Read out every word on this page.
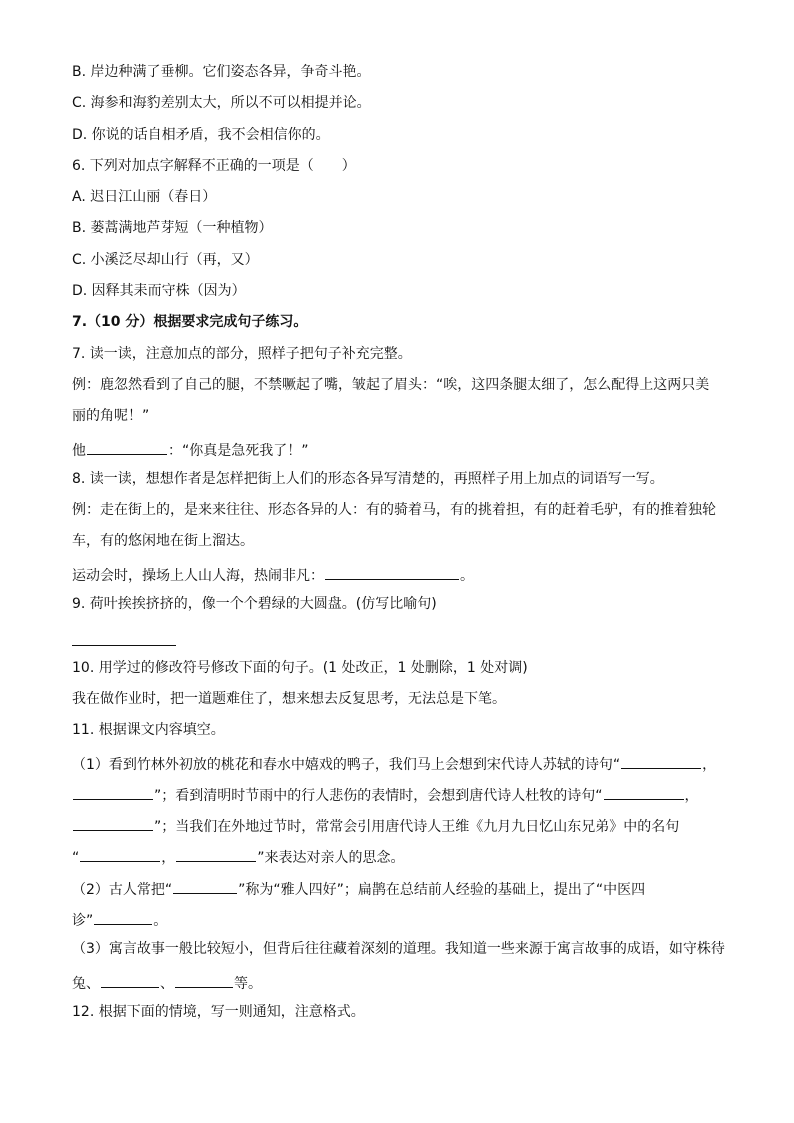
B. 岸边种满了垂柳。它们姿态各异，争奇斗艳。
C. 海参和海豹差别太大，所以不可以相提并论。
D. 你说的话自相矛盾，我不会相信你的。
6. 下列对加点字解释不正确的一项是（　　）
A. 迟日江山丽（春日）
B. 蒌蒿满地芦芽短（一种植物）
C. 小溪泛尽却山行（再，又）
D. 因释其耒而守株（因为）
7.（10 分）根据要求完成句子练习。
7. 读一读，注意加点的部分，照样子把句子补充完整。
例：鹿忽然看到了自己的腿，不禁噘起了嘴，皱起了眉头：“唉，这四条腿太细了，怎么配得上这两只美
丽的角呢！”
他	：“你真是急死我了！”
8. 读一读，想想作者是怎样把街上人们的形态各异写清楚的，再照样子用上加点的词语写一写。
例：走在街上的，是来来往往、形态各异的人：有的骑着马，有的挑着担，有的赶着毛驴，有的推着独轮
车，有的悠闲地在街上溜达。
运动会时，操场上人山人海，热闹非凡：	。
9. 荷叶挨挨挤挤的，像一个个碧绿的大圆盘。(仿写比喻句)
10. 用学过的修改符号修改下面的句子。(1 处改正，1 处删除，1 处对调)
我在做作业时，把一道题难住了，想来想去反复思考，无法总是下笔。
11. 根据课文内容填空。
（1）看到竹林外初放的桃花和春水中嬉戏的鸭子，我们马上会想到宋代诗人苏轼的诗句“	，
”；看到清明时节雨中的行人悲伤的表情时，会想到唐代诗人杜牧的诗句“	，
”；当我们在外地过节时，常常会引用唐代诗人王维《九月九日忆山东兄弟》中的名句
“	，	”来表达对亲人的思念。
（2）古人常把“	”称为“雅人四好”；扁鹊在总结前人经验的基础上，提出了“中医四
诊”	。
（3）寓言故事一般比较短小，但背后往往藏着深刻的道理。我知道一些来源于寓言故事的成语，如守株待
兔、	、	等。
12. 根据下面的情境，写一则通知，注意格式。
